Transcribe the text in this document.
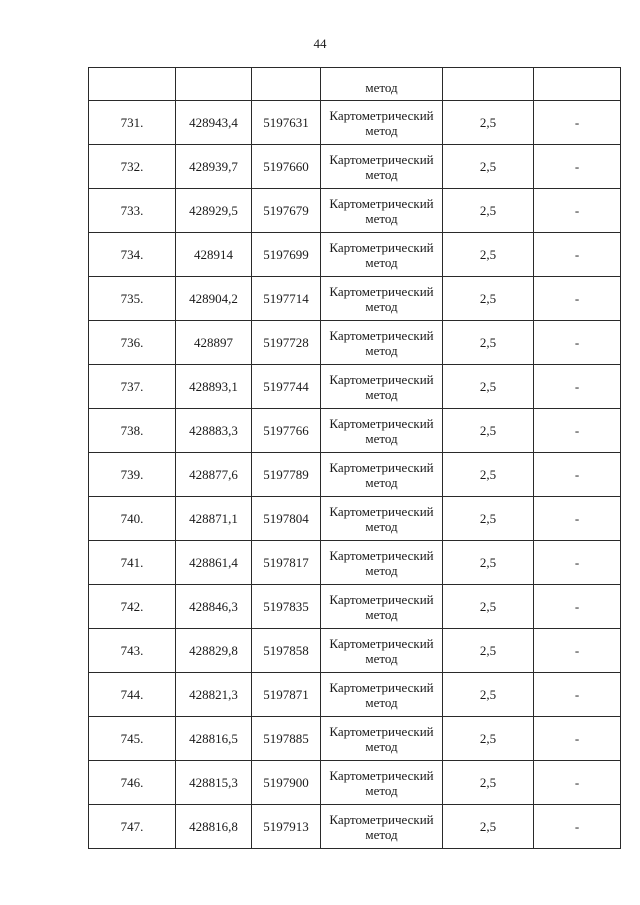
44
			метод		
731.	428943,4	5197631	Картометрический
метод	2,5	-
732.	428939,7	5197660	Картометрический
метод	2,5	-
733.	428929,5	5197679	Картометрический
метод	2,5	-
734.	428914	5197699	Картометрический
метод	2,5	-
735.	428904,2	5197714	Картометрический
метод	2,5	-
736.	428897	5197728	Картометрический
метод	2,5	-
737.	428893,1	5197744	Картометрический
метод	2,5	-
738.	428883,3	5197766	Картометрический
метод	2,5	-
739.	428877,6	5197789	Картометрический
метод	2,5	-
740.	428871,1	5197804	Картометрический
метод	2,5	-
741.	428861,4	5197817	Картометрический
метод	2,5	-
742.	428846,3	5197835	Картометрический
метод	2,5	-
743.	428829,8	5197858	Картометрический
метод	2,5	-
744.	428821,3	5197871	Картометрический
метод	2,5	-
745.	428816,5	5197885	Картометрический
метод	2,5	-
746.	428815,3	5197900	Картометрический
метод	2,5	-
747.	428816,8	5197913	Картометрический
метод	2,5	-
